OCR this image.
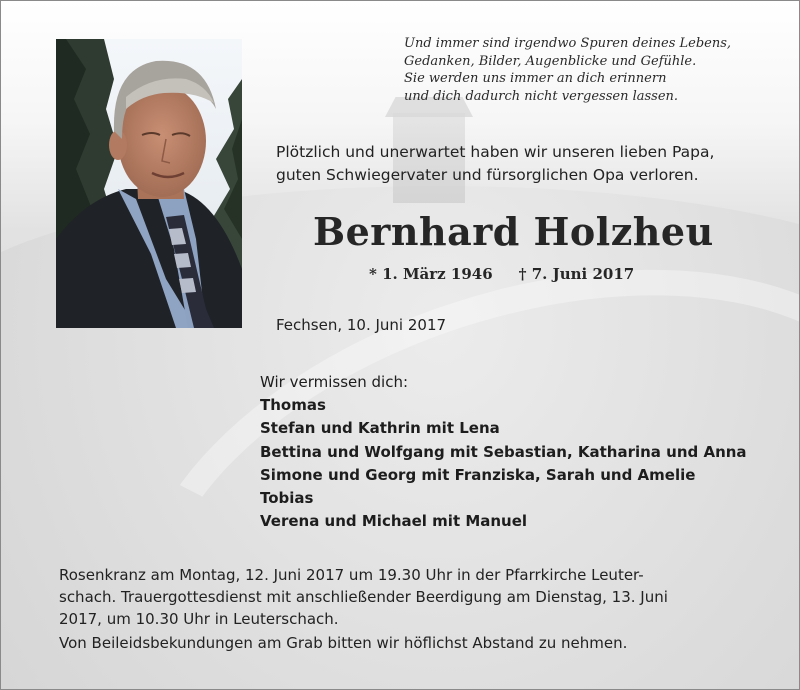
Und immer sind irgendwo Spuren deines Lebens,
Gedanken, Bilder, Augenblicke und Gefühle.
Sie werden uns immer an dich erinnern
und dich dadurch nicht vergessen lassen.
Plötzlich und unerwartet haben wir unseren lieben Papa,
guten Schwiegervater und fürsorglichen Opa verloren.
Bernhard Holzheu
* 1. März 1946 † 7. Juni 2017
Fechsen, 10. Juni 2017
Wir vermissen dich:
Thomas
Stefan und Kathrin mit Lena
Bettina und Wolfgang mit Sebastian, Katharina und Anna
Simone und Georg mit Franziska, Sarah und Amelie
Tobias
Verena und Michael mit Manuel
Rosenkranz am Montag, 12. Juni 2017 um 19.30 Uhr in der Pfarrkirche Leuter-
schach. Trauergottesdienst mit anschließender Beerdigung am Dienstag, 13. Juni
2017, um 10.30 Uhr in Leuterschach.
Von Beileidsbekundungen am Grab bitten wir höflichst Abstand zu nehmen.
